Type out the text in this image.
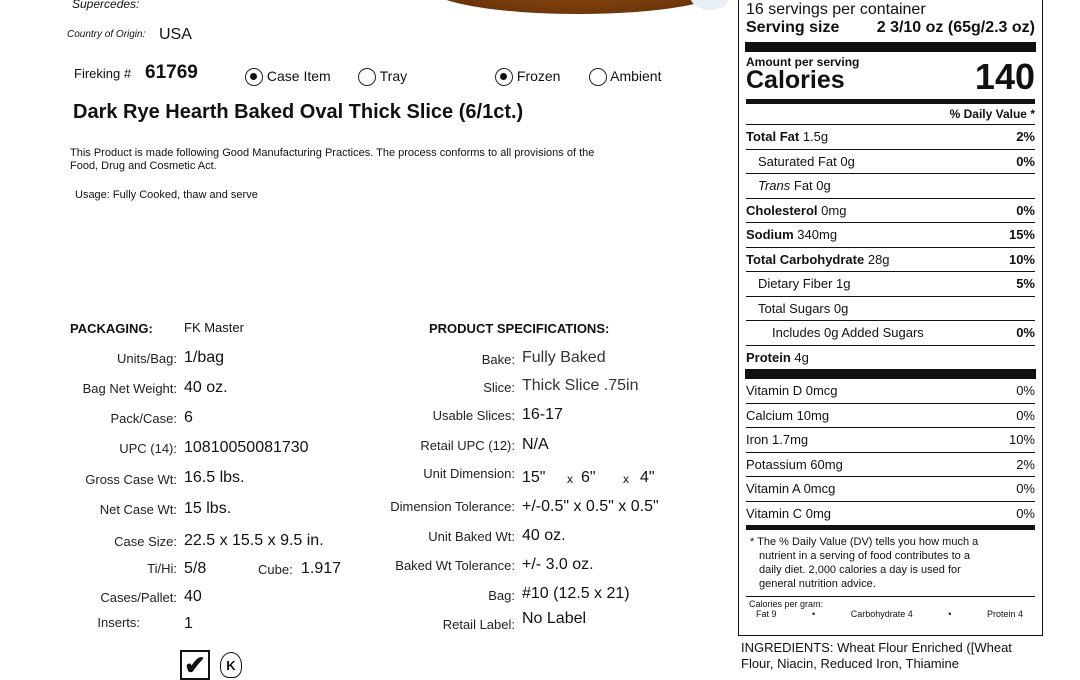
Supercedes:
Country of Origin: USA
Fireking # 61769	Case Item	Tray	Frozen	Ambient
Dark Rye Hearth Baked Oval Thick Slice (6/1ct.)
This Product is made following Good Manufacturing Practices. The process conforms to all provisions of the
Food, Drug and Cosmetic Act.
Usage: Fully Cooked, thaw and serve
PACKAGING: FK Master
Units/Bag: 1/bag
Bag Net Weight: 40 oz.
Pack/Case: 6
UPC (14): 10810050081730
Gross Case Wt: 16.5 lbs.
Net Case Wt: 15 lbs.
Case Size: 22.5 x 15.5 x 9.5 in.
Ti/Hi: 5/8	Cube: 1.917
Cases/Pallet: 40
Inserts:	1
PRODUCT SPECIFICATIONS:
Bake: Fully Baked
Slice: Thick Slice .75in
Usable Slices: 16-17
Retail UPC (12): N/A
Unit Dimension: 15" x 6" x 4"
Dimension Tolerance: +/-0.5" x 0.5" x 0.5"
Unit Baked Wt: 40 oz.
Baked Wt Tolerance: +/- 3.0 oz.
Bag: #10 (12.5 x 21)
Retail Label: No Label
✔	K
16 servings per container
Serving size 2 3/10 oz (65g/2.3 oz)
Amount per serving
Calories	140
% Daily Value *
Total Fat 1.5g	2%
Saturated Fat 0g	0%
Trans Fat 0g
Cholesterol 0mg	0%
Sodium 340mg	15%
Total Carbohydrate 28g	10%
Dietary Fiber 1g	5%
Total Sugars 0g
Includes 0g Added Sugars	0%
Protein 4g
Vitamin D 0mcg	0%
Calcium 10mg	0%
Iron 1.7mg	10%
Potassium 60mg	2%
Vitamin A 0mcg	0%
Vitamin C 0mg	0%
* The % Daily Value (DV) tells you how much a
nutrient in a serving of food contributes to a
daily diet. 2,000 calories a day is used for
general nutrition advice.
Calories per gram:
Fat 9	•	Carbohydrate 4	•	Protein 4
INGREDIENTS: Wheat Flour Enriched ([Wheat
Flour, Niacin, Reduced Iron, Thiamine
